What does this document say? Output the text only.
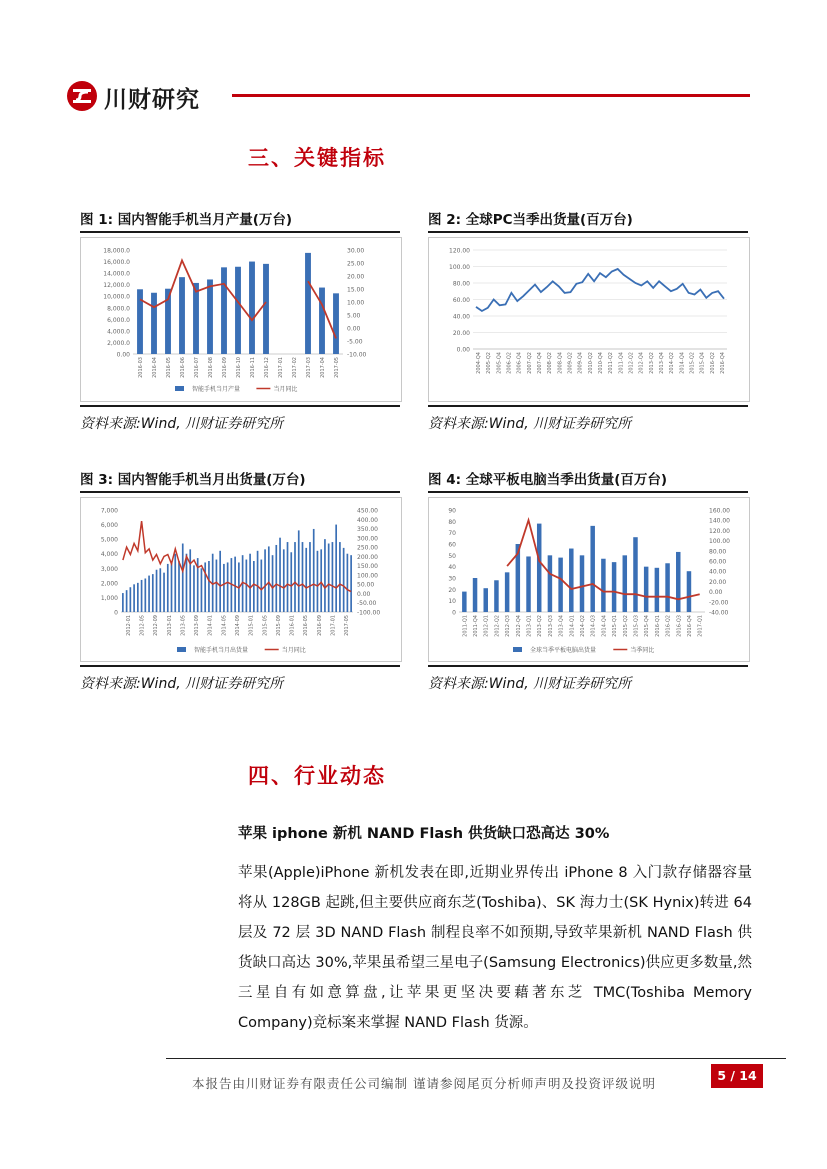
川财研究
三、关键指标
图 1: 国内智能手机当月产量(万台)
0.00
2,000.0
4,000.0
6,000.0
8,000.0
10,000.0
12,000.0
14,000.0
16,000.0
18,000.0
-10.00
-5.00
0.00
5.00
10.00
15.00
20.00
25.00
30.00
2016-03 2016-04 2016-05 2016-06 2016-07 2016-08 2016-09 2016-10 2016-11 2016-12 2017-01 2017-02 2017-03 2017-04 2017-05
智能手机当月产量	当月同比
资料来源:Wind, 川财证券研究所
图 2: 全球PC当季出货量(百万台)
0.00
20.00
40.00
60.00
80.00
100.00
120.00
2004-Q4 2005-Q2 2005-Q4 2006-Q2 2006-Q4 2007-Q2 2007-Q4 2008-Q2 2008-Q4 2009-Q2 2009-Q4 2010-Q2 2010-Q4 2011-Q2 2011-Q4 2012-Q2 2012-Q4 2013-Q2 2013-Q4 2014-Q2 2014-Q4 2015-Q2 2015-Q4 2016-Q2 2016-Q4
资料来源:Wind, 川财证券研究所
图 3: 国内智能手机当月出货量(万台)
0
1,000
2,000
3,000
4,000
5,000
6,000
7,000
-100.00
-50.00
0.00
50.00
100.00
150.00
200.00
250.00
300.00
350.00
400.00
450.00
2012-01 2012-05 2012-09 2013-01 2013-05 2013-09 2014-01 2014-05 2014-09 2015-01 2015-05 2015-09 2016-01 2016-05 2016-09 2017-01 2017-05
智能手机当月出货量	当月同比
资料来源:Wind, 川财证券研究所
图 4: 全球平板电脑当季出货量(百万台)
0
10
20
30
40
50
60
70
80
90
-40.00
-20.00
0.00
20.00
40.00
60.00
80.00
100.00
120.00
140.00
160.00
2011-Q1 2011-Q4 2012-Q1 2012-Q2 2012-Q3 2012-Q4 2013-Q1 2013-Q2 2013-Q3 2013-Q4 2014-Q1 2014-Q2 2014-Q3 2014-Q4 2015-Q1 2015-Q2 2015-Q3 2015-Q4 2016-Q1 2016-Q2 2016-Q3 2016-Q4 2017-Q1
全球当季平板电脑出货量	当季同比
资料来源:Wind, 川财证券研究所
四、行业动态
苹果 iphone 新机 NAND Flash 供货缺口恐高达 30%
苹果(Apple)iPhone 新机发表在即,近期业界传出 iPhone 8 入门款存储器容量将从 128GB 起跳,但主要供应商东芝(Toshiba)、SK 海力士(SK Hynix)转进 64 层及 72 层 3D NAND Flash 制程良率不如预期,导致苹果新机 NAND Flash 供货缺口高达 30%,苹果虽希望三星电子(Samsung Electronics)供应更多数量,然三星自有如意算盘,让苹果更坚决要藉著东芝 TMC(Toshiba Memory Company)竞标案来掌握 NAND Flash 货源。
本报告由川财证券有限责任公司编制 谨请参阅尾页分析师声明及投资评级说明
5 / 14
